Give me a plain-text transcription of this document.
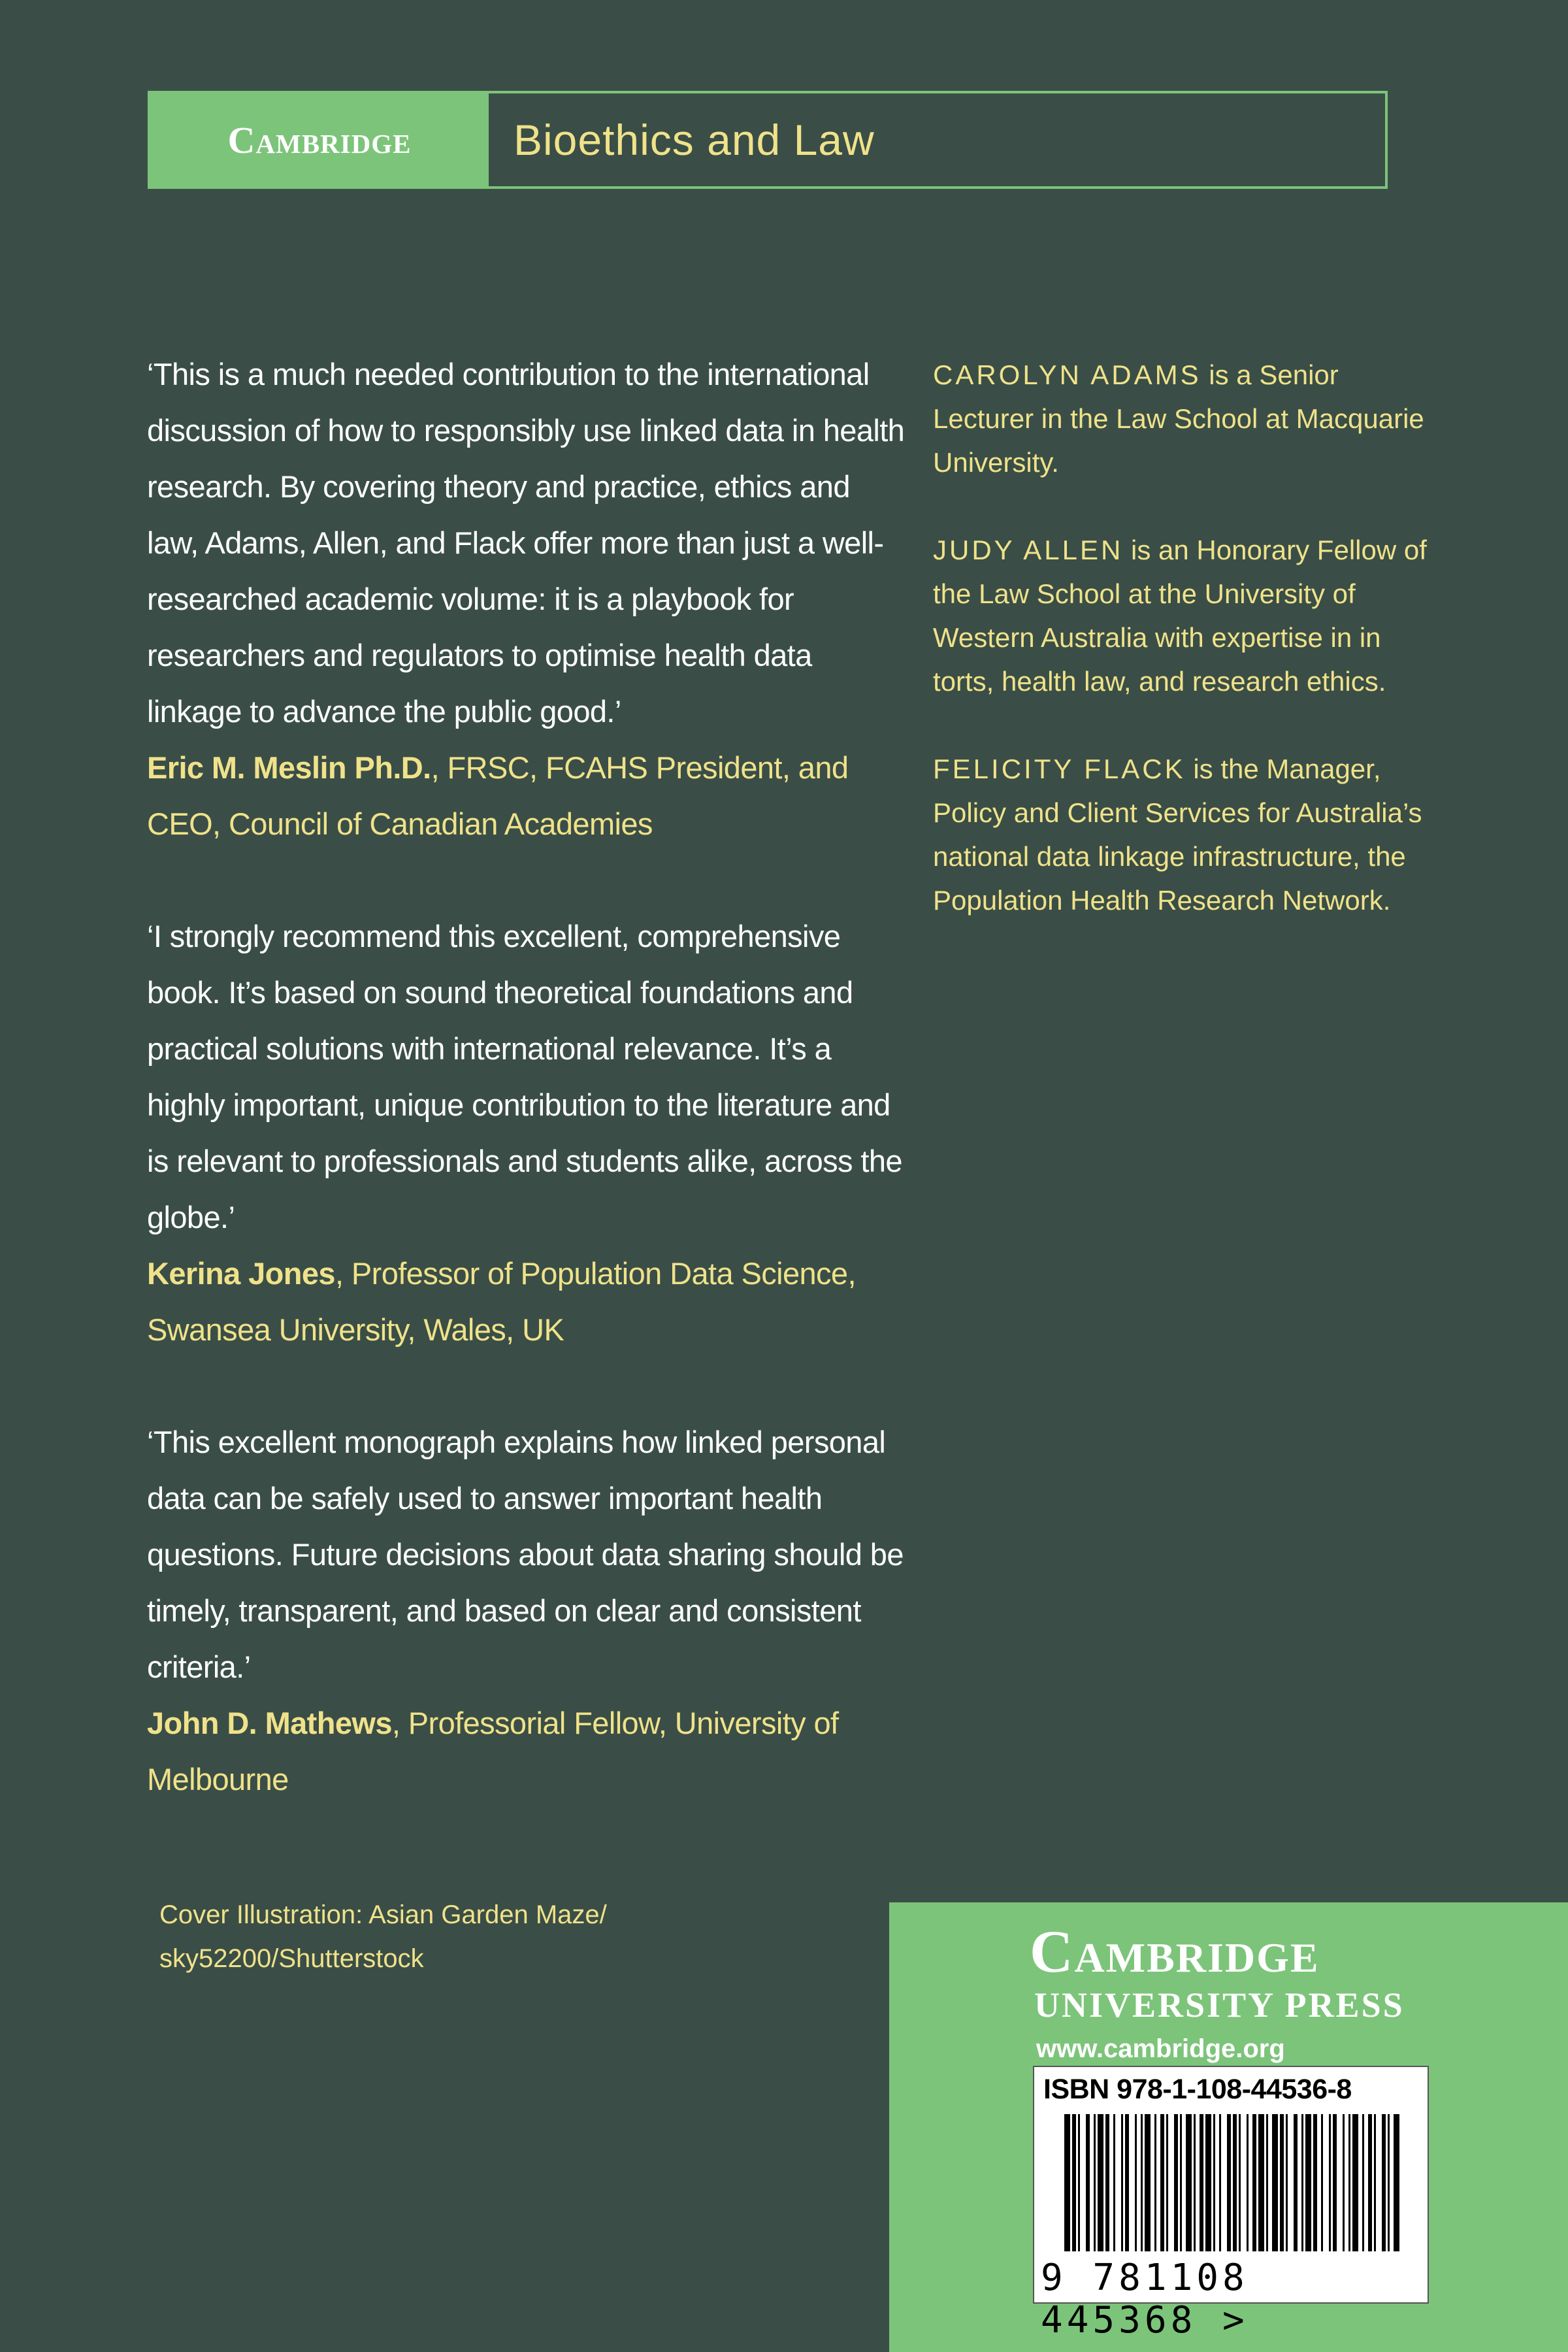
Cambridge	Bioethics and Law

‘This is a much needed contribution to the international discussion of how to responsibly use linked data in health research. By covering theory and practice, ethics and law, Adams, Allen, and Flack offer more than just a well-researched academic volume: it is a playbook for researchers and regulators to optimise health data linkage to advance the public good.’

Eric M. Meslin Ph.D., FRSC, FCAHS President, and CEO, Council of Canadian Academies

‘I strongly recommend this excellent, comprehensive book. It’s based on sound theoretical foundations and practical solutions with international relevance. It’s a highly important, unique contribution to the literature and is relevant to professionals and students alike, across the globe.’

Kerina Jones, Professor of Population Data Science, Swansea University, Wales, UK

‘This excellent monograph explains how linked personal data can be safely used to answer important health questions. Future decisions about data sharing should be timely, transparent, and based on clear and consistent criteria.’

John D. Mathews, Professorial Fellow, University of Melbourne

CAROLYN ADAMS is a Senior Lecturer in the Law School at Macquarie University.

JUDY ALLEN is an Honorary Fellow of the Law School at the University of Western Australia with expertise in in torts, health law, and research ethics.

FELICITY FLACK is the Manager, Policy and Client Services for Australia’s national data linkage infrastructure, the Population Health Research Network.

Cover Illustration: Asian Garden Maze/
sky52200/Shutterstock	Cambridge
UNIVERSITY PRESS
www.cambridge.org
ISBN 978-1-108-44536-8
9 781108 445368 >
